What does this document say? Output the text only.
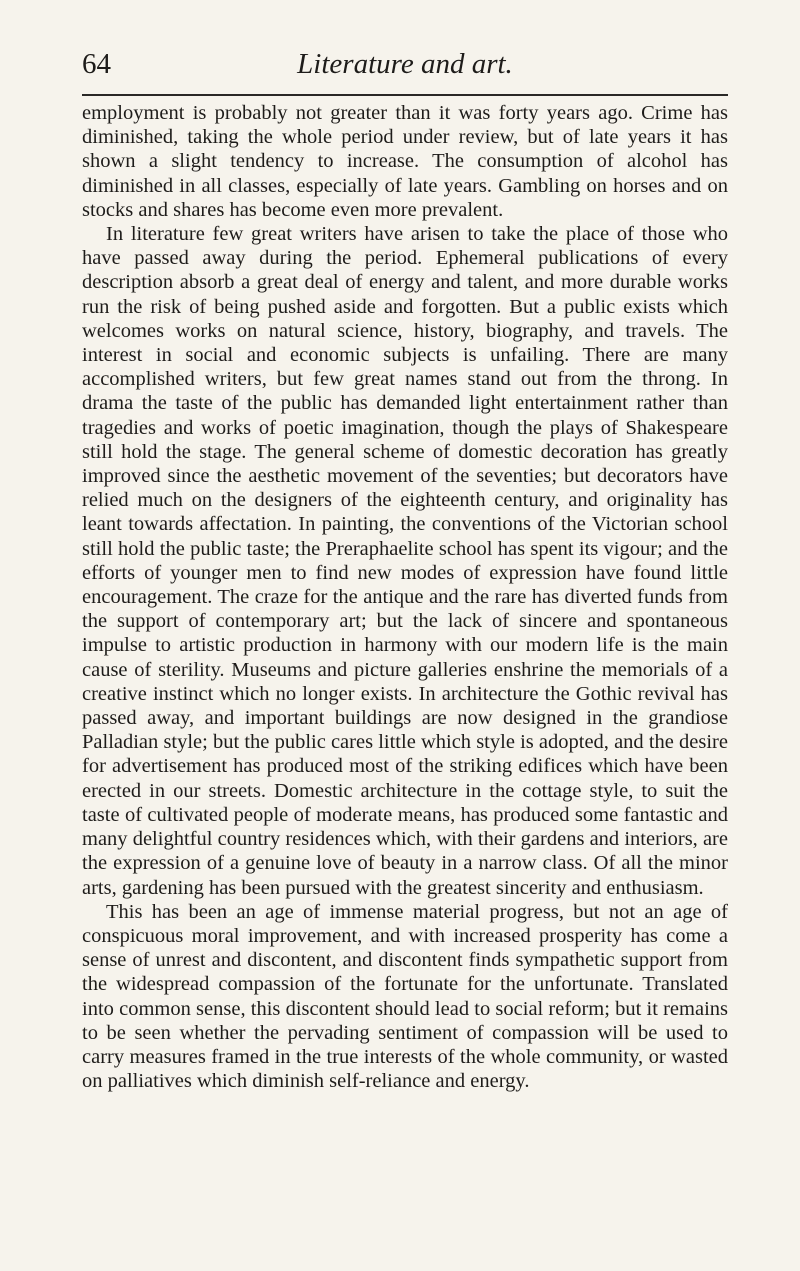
64	Literature and art.

employment is probably not greater than it was forty years ago. Crime has diminished, taking the whole period under review, but of late years it has shown a slight tendency to increase. The consumption of alcohol has diminished in all classes, especially of late years. Gambling on horses and on stocks and shares has become even more prevalent.

In literature few great writers have arisen to take the place of those who have passed away during the period. Ephemeral publications of every description absorb a great deal of energy and talent, and more durable works run the risk of being pushed aside and forgotten. But a public exists which welcomes works on natural science, history, biography, and travels. The interest in social and economic subjects is unfailing. There are many accomplished writers, but few great names stand out from the throng. In drama the taste of the public has demanded light entertainment rather than tragedies and works of poetic imagination, though the plays of Shakespeare still hold the stage. The general scheme of domestic decoration has greatly improved since the aesthetic movement of the seventies; but decorators have relied much on the designers of the eighteenth century, and originality has leant towards affectation. In painting, the conventions of the Victorian school still hold the public taste; the Preraphaelite school has spent its vigour; and the efforts of younger men to find new modes of expression have found little encouragement. The craze for the antique and the rare has diverted funds from the support of contemporary art; but the lack of sincere and spontaneous impulse to artistic production in harmony with our modern life is the main cause of sterility. Museums and picture galleries enshrine the memorials of a creative instinct which no longer exists. In architecture the Gothic revival has passed away, and important buildings are now designed in the grandiose Palladian style; but the public cares little which style is adopted, and the desire for advertisement has produced most of the striking edifices which have been erected in our streets. Domestic architecture in the cottage style, to suit the taste of cultivated people of moderate means, has produced some fantastic and many delightful country residences which, with their gardens and interiors, are the expression of a genuine love of beauty in a narrow class. Of all the minor arts, gardening has been pursued with the greatest sincerity and enthusiasm.

This has been an age of immense material progress, but not an age of conspicuous moral improvement, and with increased prosperity has come a sense of unrest and discontent, and discontent finds sympathetic support from the widespread compassion of the fortunate for the unfortunate. Translated into common sense, this discontent should lead to social reform; but it remains to be seen whether the pervading sentiment of compassion will be used to carry measures framed in the true interests of the whole community, or wasted on palliatives which diminish self-reliance and energy.
